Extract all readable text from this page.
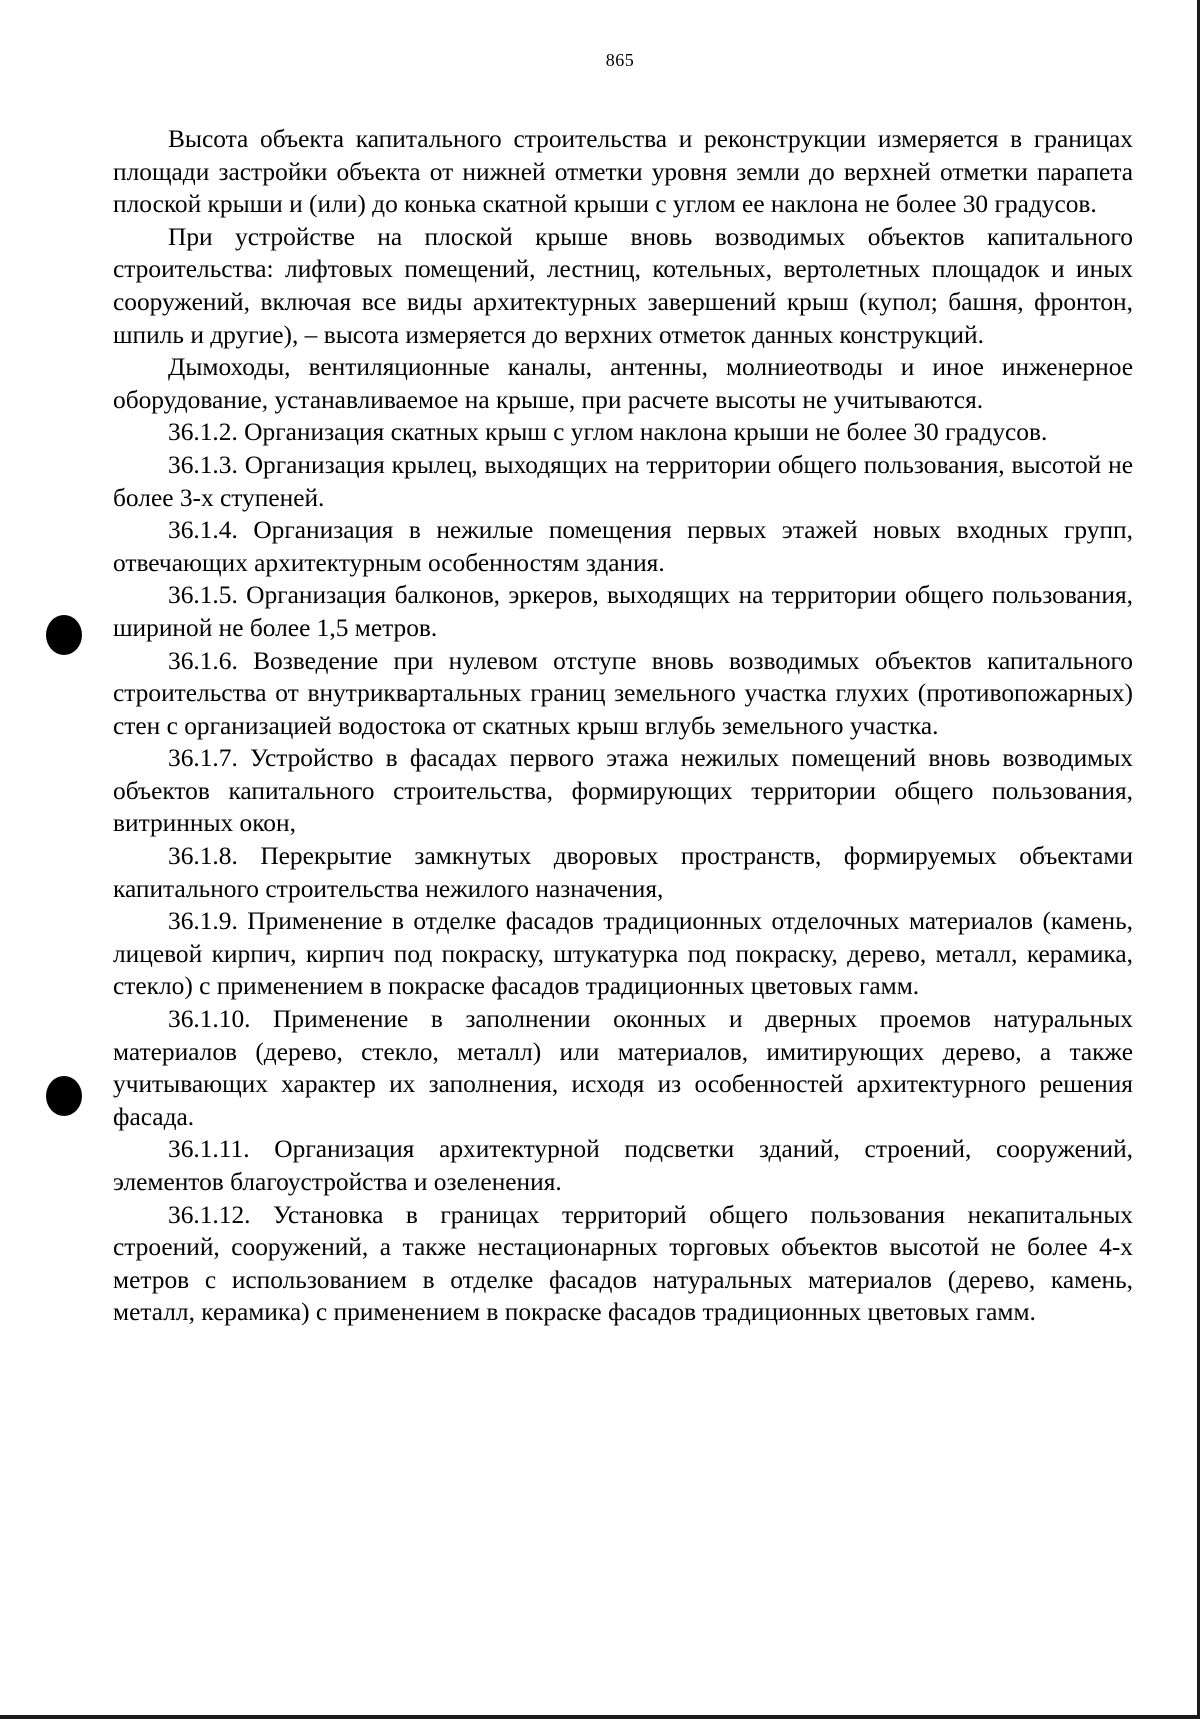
865

Высота объекта капитального строительства и реконструкции измеряется в границах площади застройки объекта от нижней отметки уровня земли до верхней отметки парапета плоской крыши и (или) до конька скатной крыши с углом ее наклона не более 30 градусов.

При устройстве на плоской крыше вновь возводимых объектов капитального строительства: лифтовых помещений, лестниц, котельных, вертолетных площадок и иных сооружений, включая все виды архитектурных завершений крыш (купол; башня, фронтон, шпиль и другие), – высота измеряется до верхних отметок данных конструкций.

Дымоходы, вентиляционные каналы, антенны, молниеотводы и иное инженерное оборудование, устанавливаемое на крыше, при расчете высоты не учитываются.

36.1.2. Организация скатных крыш с углом наклона крыши не более 30 градусов.

36.1.3. Организация крылец, выходящих на территории общего пользования, высотой не более 3-х ступеней.

36.1.4. Организация в нежилые помещения первых этажей новых входных групп, отвечающих архитектурным особенностям здания.

36.1.5. Организация балконов, эркеров, выходящих на территории общего пользования, шириной не более 1,5 метров.

36.1.6. Возведение при нулевом отступе вновь возводимых объектов капитального строительства от внутриквартальных границ земельного участка глухих (противопожарных) стен с организацией водостока от скатных крыш вглубь земельного участка.

36.1.7. Устройство в фасадах первого этажа нежилых помещений вновь возводимых объектов капитального строительства, формирующих территории общего пользования, витринных окон,

36.1.8. Перекрытие замкнутых дворовых пространств, формируемых объектами капитального строительства нежилого назначения,

36.1.9. Применение в отделке фасадов традиционных отделочных материалов (камень, лицевой кирпич, кирпич под покраску, штукатурка под покраску, дерево, металл, керамика, стекло) с применением в покраске фасадов традиционных цветовых гамм.

36.1.10. Применение в заполнении оконных и дверных проемов натуральных материалов (дерево, стекло, металл) или материалов, имитирующих дерево, а также учитывающих характер их заполнения, исходя из особенностей архитектурного решения фасада.

36.1.11. Организация архитектурной подсветки зданий, строений, сооружений, элементов благоустройства и озеленения.

36.1.12. Установка в границах территорий общего пользования некапитальных строений, сооружений, а также нестационарных торговых объектов высотой не более 4-х метров с использованием в отделке фасадов натуральных материалов (дерево, камень, металл, керамика) с применением в покраске фасадов традиционных цветовых гамм.
